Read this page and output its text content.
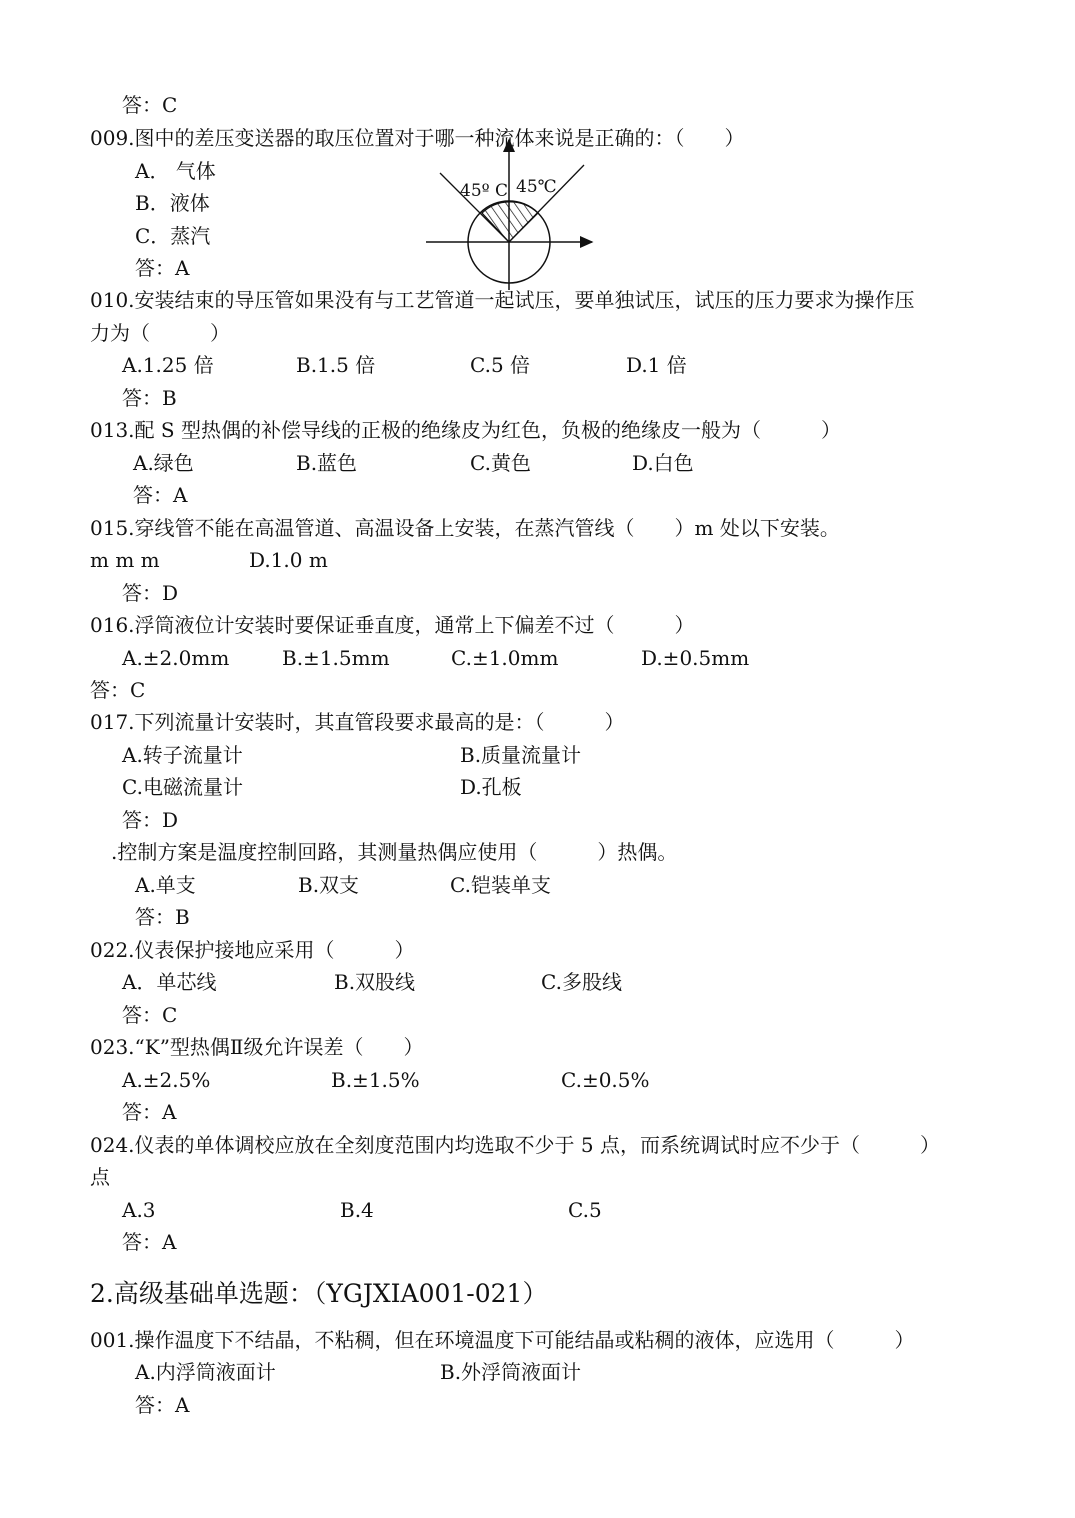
答：C
009.图中的差压变送器的取压位置对于哪一种流体来说是正确的：（　　）
A． 气体
B．液体
C．蒸汽
答：A
010.安装结束的导压管如果没有与工艺管道一起试压，要单独试压，试压的压力要求为操作压
力为（　　　）
A.1.25 倍	B.1.5 倍	C.5 倍	D.1 倍
答：B
013.配 S 型热偶的补偿导线的正极的绝缘皮为红色，负极的绝缘皮一般为（　　　）
A.绿色	B.蓝色	C.黄色	D.白色
答：A
015.穿线管不能在高温管道、高温设备上安装，在蒸汽管线（　　）m 处以下安装。
m m m	D.1.0 m
答：D
016.浮筒液位计安装时要保证垂直度，通常上下偏差不过（　　　）
A.±2.0mm	B.±1.5mm	C.±1.0mm	D.±0.5mm
答：C
017.下列流量计安装时，其直管段要求最高的是：（　　　）
A.转子流量计	B.质量流量计
C.电磁流量计	D.孔板
答：D
.控制方案是温度控制回路，其测量热偶应使用（　　　）热偶。
A.单支	B.双支	C.铠装单支
答：B
022.仪表保护接地应采用（　　　）
A．单芯线	B.双股线	C.多股线
答：C
023.“K”型热偶Ⅱ级允许误差（　　）
A.±2.5%	B.±1.5%	C.±0.5%
答：A
024.仪表的单体调校应放在全刻度范围内均选取不少于 5 点，而系统调试时应不少于（　　　）
点
A.3	B.4	C.5
答：A
001.操作温度下不结晶，不粘稠，但在环境温度下可能结晶或粘稠的液体，应选用（　　　）
A.内浮筒液面计	B.外浮筒液面计
答：A
2.高级基础单选题：（YGJXIA001-021）
45º C 45℃
